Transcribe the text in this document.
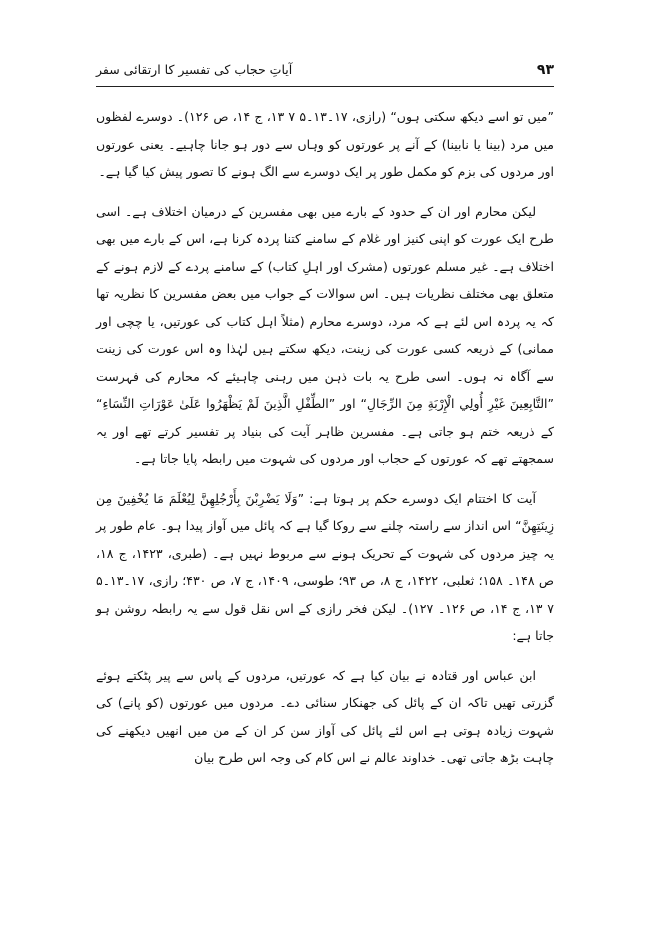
۹۳
آیاتِ حجاب کی تفسیر کا ارتقائی سفر

”میں تو اسے دیکھ سکتی ہوں“ (رازی، ۱۷۔۱۳۔۵ ۷ ۱۳، ج ۱۴، ص ۱۲۶)۔ دوسرے لفظوں میں مرد (بینا یا نابینا) کے آنے پر عورتوں کو وہاں سے دور ہو جانا چاہیے۔ یعنی عورتوں اور مردوں کی بزم کو مکمل طور پر ایک دوسرے سے الگ ہونے کا تصور پیش کیا گیا ہے۔

لیکن محارم اور ان کے حدود کے بارے میں بھی مفسرین کے درمیان اختلاف ہے۔ اسی طرح ایک عورت کو اپنی کنیز اور غلام کے سامنے کتنا پردہ کرنا ہے، اس کے بارے میں بھی اختلاف ہے۔ غیر مسلم عورتوں (مشرک اور اہلِ کتاب) کے سامنے پردے کے لازم ہونے کے متعلق بھی مختلف نظریات ہیں۔ اس سوالات کے جواب میں بعض مفسرین کا نظریہ تھا کہ یہ پردہ اس لئے ہے کہ مرد، دوسرے محارم (مثلاً اہل کتاب کی عورتیں، یا چچی اور ممانی) کے ذریعہ کسی عورت کی زینت، دیکھ سکتے ہیں لہٰذا وہ اس عورت کی زینت سے آگاہ نہ ہوں۔ اسی طرح یہ بات ذہن میں رہنی چاہیئے کہ محارم کی فہرست ”التَّابِعِينَ غَيْرِ أُولِي الْإِرْبَةِ مِنَ الرِّجَالِ“ اور ”الطِّفْلِ الَّذِينَ لَمْ يَظْهَرُوا عَلَىٰ عَوْرَاتِ النِّسَاءِ“ کے ذریعہ ختم ہو جاتی ہے۔ مفسرین ظاہر آیت کی بنیاد پر تفسیر کرتے تھے اور یہ سمجھتے تھے کہ عورتوں کے حجاب اور مردوں کی شہوت میں رابطہ پایا جاتا ہے۔

آیت کا اختتام ایک دوسرے حکم پر ہوتا ہے: ”وَلَا يَضْرِبْنَ بِأَرْجُلِهِنَّ لِيُعْلَمَ مَا يُخْفِينَ مِن زِينَتِهِنَّ“ اس انداز سے راستہ چلنے سے روکا گیا ہے کہ پائل میں آواز پیدا ہو۔ عام طور پر یہ چیز مردوں کی شہوت کے تحریک ہونے سے مربوط نہیں ہے۔ (طبری، ۱۴۲۳، ج ۱۸، ص ۱۴۸۔ ۱۵۸؛ ثعلبی، ۱۴۲۲، ج ۸، ص ۹۳؛ طوسی، ۱۴۰۹، ج ۷، ص ۴۳۰؛ رازی، ۱۷۔۱۳۔۵ ۷ ۱۳، ج ۱۴، ص ۱۲۶۔ ۱۲۷)۔ لیکن فخر رازی کے اس نقل قول سے یہ رابطہ روشن ہو جاتا ہے:

ابن عباس اور قتادہ نے بیان کیا ہے کہ عورتیں، مردوں کے پاس سے پیر پٹکتے ہوئے گزرتی تھیں تاکہ ان کے پائل کی جھنکار سنائی دے۔ مردوں میں عورتوں (کو پانے) کی شہوت زیادہ ہوتی ہے اس لئے پائل کی آواز سن کر ان کے من میں انھیں دیکھنے کی چاہت بڑھ جاتی تھی۔ خداوند عالم نے اس کام کی وجہ اس طرح بیان
